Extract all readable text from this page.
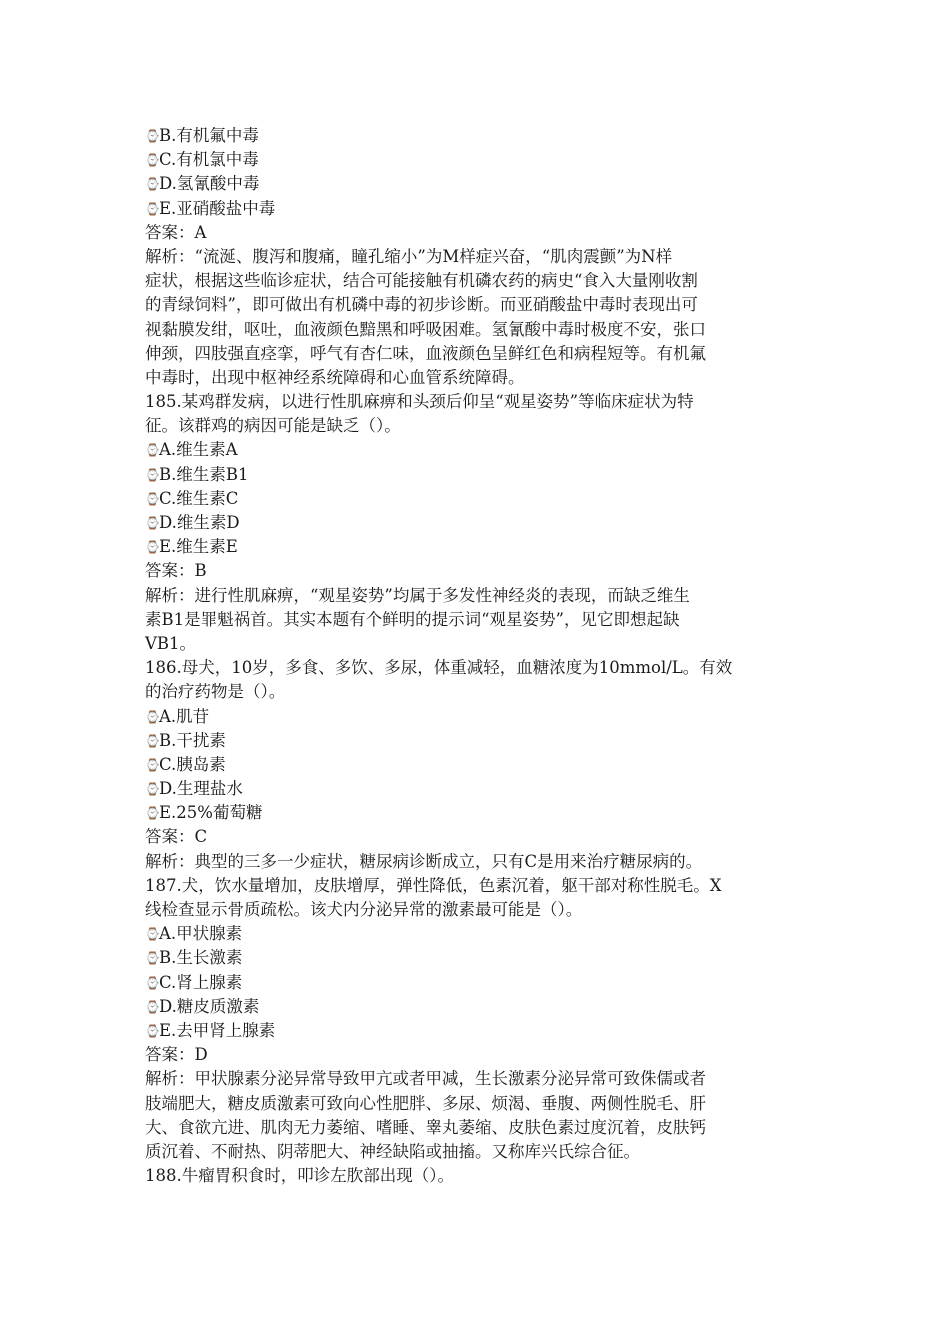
⌚B.有机氟中毒
⌚C.有机氯中毒
⌚D.氢氰酸中毒
⌚E.亚硝酸盐中毒
答案：A
解析：“流涎、腹泻和腹痛，瞳孔缩小”为M样症兴奋，“肌肉震颤”为N样
症状，根据这些临诊症状，结合可能接触有机磷农药的病史“食入大量刚收割
的青绿饲料”，即可做出有机磷中毒的初步诊断。而亚硝酸盐中毒时表现出可
视黏膜发绀，呕吐，血液颜色黯黑和呼吸困难。氢氰酸中毒时极度不安，张口
伸颈，四肢强直痉挛，呼气有杏仁味，血液颜色呈鲜红色和病程短等。有机氟
中毒时，出现中枢神经系统障碍和心血管系统障碍。
185.某鸡群发病，以进行性肌麻痹和头颈后仰呈“观星姿势”等临床症状为特
征。该群鸡的病因可能是缺乏（）。
⌚A.维生素A
⌚B.维生素B1
⌚C.维生素C
⌚D.维生素D
⌚E.维生素E
答案：B
解析：进行性肌麻痹，“观星姿势”均属于多发性神经炎的表现，而缺乏维生
素B1是罪魁祸首。其实本题有个鲜明的提示词“观星姿势”，见它即想起缺
VB1。
186.母犬，10岁，多食、多饮、多尿，体重减轻，血糖浓度为10mmol/L。有效
的治疗药物是（）。
⌚A.肌苷
⌚B.干扰素
⌚C.胰岛素
⌚D.生理盐水
⌚E.25%葡萄糖
答案：C
解析：典型的三多一少症状，糖尿病诊断成立，只有C是用来治疗糖尿病的。
187.犬，饮水量增加，皮肤增厚，弹性降低，色素沉着，躯干部对称性脱毛。X
线检查显示骨质疏松。该犬内分泌异常的激素最可能是（）。
⌚A.甲状腺素
⌚B.生长激素
⌚C.肾上腺素
⌚D.糖皮质激素
⌚E.去甲肾上腺素
答案：D
解析：甲状腺素分泌异常导致甲亢或者甲减，生长激素分泌异常可致侏儒或者
肢端肥大，糖皮质激素可致向心性肥胖、多尿、烦渴、垂腹、两侧性脱毛、肝
大、食欲亢进、肌肉无力萎缩、嗜睡、睾丸萎缩、皮肤色素过度沉着，皮肤钙
质沉着、不耐热、阴蒂肥大、神经缺陷或抽搐。又称库兴氏综合征。
188.牛瘤胃积食时，叩诊左肷部出现（）。
